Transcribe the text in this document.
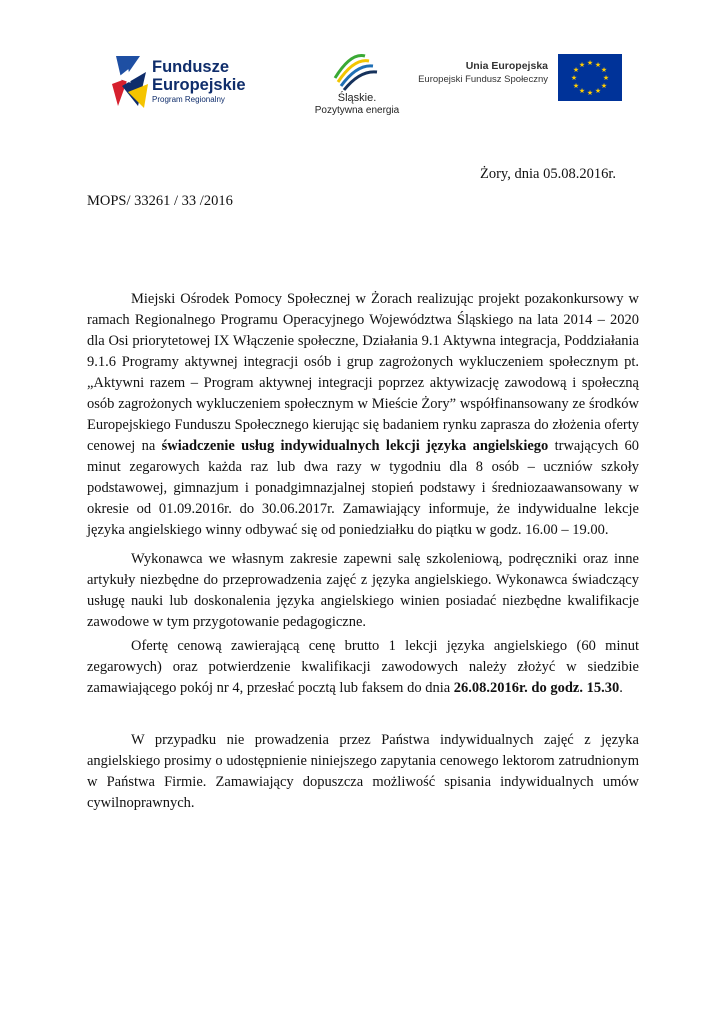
Fundusze
Europejskie
Program Regionalny	Śląskie.
Pozytywna energia
Unia Europejska
Europejski Fundusz Społeczny
★ ★
★
★
★
★
★
★
★
★
★
★
Żory, dnia 05.08.2016r.
MOPS/ 33261 / 33 /2016
Miejski Ośrodek Pomocy Społecznej w Żorach realizując projekt pozakonkursowy w ramach Regionalnego Programu Operacyjnego Województwa Śląskiego na lata 2014 – 2020 dla Osi priorytetowej IX Włączenie społeczne, Działania 9.1 Aktywna integracja, Poddziałania 9.1.6 Programy aktywnej integracji osób i grup zagrożonych wykluczeniem społecznym pt. „Aktywni razem – Program aktywnej integracji poprzez aktywizację zawodową i społeczną osób zagrożonych wykluczeniem społecznym w Mieście Żory” współfinansowany ze środków Europejskiego Funduszu Społecznego kierując się badaniem rynku zaprasza do złożenia oferty cenowej na świadczenie usług indywidualnych lekcji języka angielskiego trwających 60 minut zegarowych każda raz lub dwa razy w tygodniu dla 8 osób – uczniów szkoły podstawowej, gimnazjum i ponadgimnazjalnej stopień podstawy i średniozaawansowany w okresie od 01.09.2016r. do 30.06.2017r. Zamawiający informuje, że indywidualne lekcje języka angielskiego winny odbywać się od poniedziałku do piątku w godz. 16.00 – 19.00.
Wykonawca we własnym zakresie zapewni salę szkoleniową, podręczniki oraz inne artykuły niezbędne do przeprowadzenia zajęć z języka angielskiego. Wykonawca świadczący usługę nauki lub doskonalenia języka angielskiego winien posiadać niezbędne kwalifikacje zawodowe w tym przygotowanie pedagogiczne.
Ofertę cenową zawierającą cenę brutto 1 lekcji języka angielskiego (60 minut zegarowych) oraz potwierdzenie kwalifikacji zawodowych należy złożyć w siedzibie zamawiającego pokój nr 4, przesłać pocztą lub faksem do dnia 26.08.2016r. do godz. 15.30.
W przypadku nie prowadzenia przez Państwa indywidualnych zajęć z języka angielskiego prosimy o udostępnienie niniejszego zapytania cenowego lektorom zatrudnionym w Państwa Firmie. Zamawiający dopuszcza możliwość spisania indywidualnych umów cywilnoprawnych.
